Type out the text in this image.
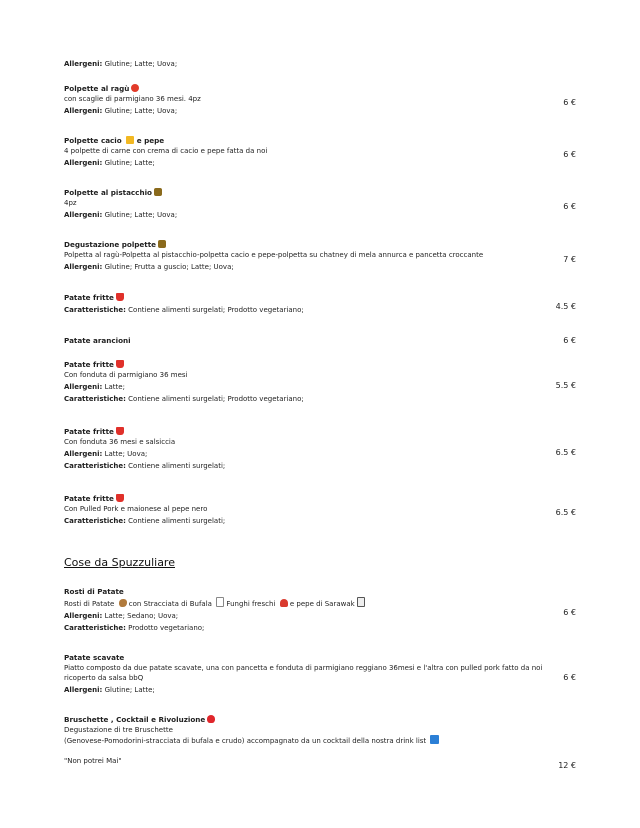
Allergeni: Glutine; Latte; Uova;
Polpette al ragù
con scaglie di parmigiano 36 mesi. 4pz
Allergeni: Glutine; Latte; Uova;
6 €
Polpette cacio e pepe
4 polpette di carne con crema di cacio e pepe fatta da noi
Allergeni: Glutine; Latte;
6 €
Polpette al pistacchio
4pz
Allergeni: Glutine; Latte; Uova;
6 €
Degustazione polpette
Polpetta al ragù-Polpetta al pistacchio-polpetta cacio e pepe-polpetta su chatney di mela annurca e pancetta croccante
Allergeni: Glutine; Frutta a guscio; Latte; Uova;
7 €
Patate fritte
Caratteristiche: Contiene alimenti surgelati; Prodotto vegetariano;	4.5 €
Patate arancioni	6 €
Patate fritte
Con fonduta di parmigiano 36 mesi
Allergeni: Latte;
Caratteristiche: Contiene alimenti surgelati; Prodotto vegetariano;
5.5 €
Patate fritte
Con fonduta 36 mesi e salsiccia
Allergeni: Latte; Uova;
Caratteristiche: Contiene alimenti surgelati;
6.5 €
Patate fritte
Con Pulled Pork e maionese al pepe nero
Caratteristiche: Contiene alimenti surgelati;
6.5 €
Cose da Spuzzuliare
Rosti di Patate
Rosti di Patate con Stracciata di Bufala Funghi freschi e pepe di Sarawak
Allergeni: Latte; Sedano; Uova;
Caratteristiche: Prodotto vegetariano;
6 €
Patate scavate
Piatto composto da due patate scavate, una con pancetta e fonduta di parmigiano reggiano 36mesi e l'altra con pulled pork fatto da noi ricoperto da salsa bbQ
Allergeni: Glutine; Latte;
6 €
Bruschette , Cocktail e Rivoluzione
Degustazione di tre Bruschette
(Genovese-Pomodorini-stracciata di bufala e crudo) accompagnato da un cocktail della nostra drink list
"Non potrei Mai"	12 €
